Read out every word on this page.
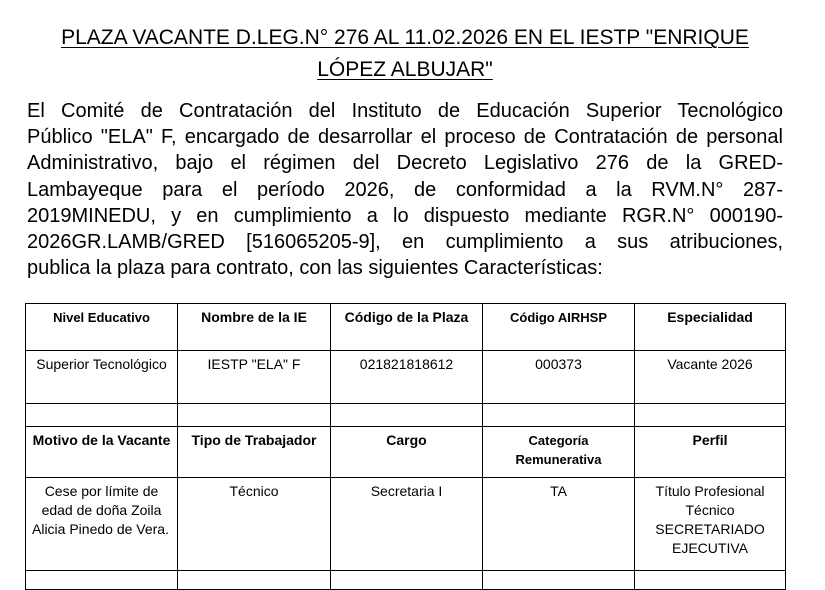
PLAZA VACANTE D.LEG.N° 276 AL 11.02.2026 EN EL IESTP "ENRIQUE LÓPEZ ALBUJAR"

El Comité de Contratación del Instituto de Educación Superior Tecnológico
Público "ELA" F, encargado de desarrollar el proceso de Contratación de personal
Administrativo, bajo el régimen del Decreto Legislativo 276 de la GRED-
Lambayeque para el período 2026, de conformidad a la RVM.N° 287-
2019MINEDU, y en cumplimiento a lo dispuesto mediante RGR.N° 000190-
2026GR.LAMB/GRED [516065205-9], en cumplimiento a sus atribuciones,
publica la plaza para contrato, con las siguientes Características:

Nivel Educativo	Nombre de la IE	Código de la Plaza	Código AIRHSP	Especialidad
Superior Tecnológico	IESTP "ELA" F	021821818612	000373	Vacante 2026

Motivo de la Vacante	Tipo de Trabajador	Cargo	Categoría Remunerativa	Perfil
Cese por límite de edad de doña Zoila Alicia Pinedo de Vera.	Técnico	Secretaria I	TA	Título Profesional Técnico SECRETARIADO EJECUTIVA
